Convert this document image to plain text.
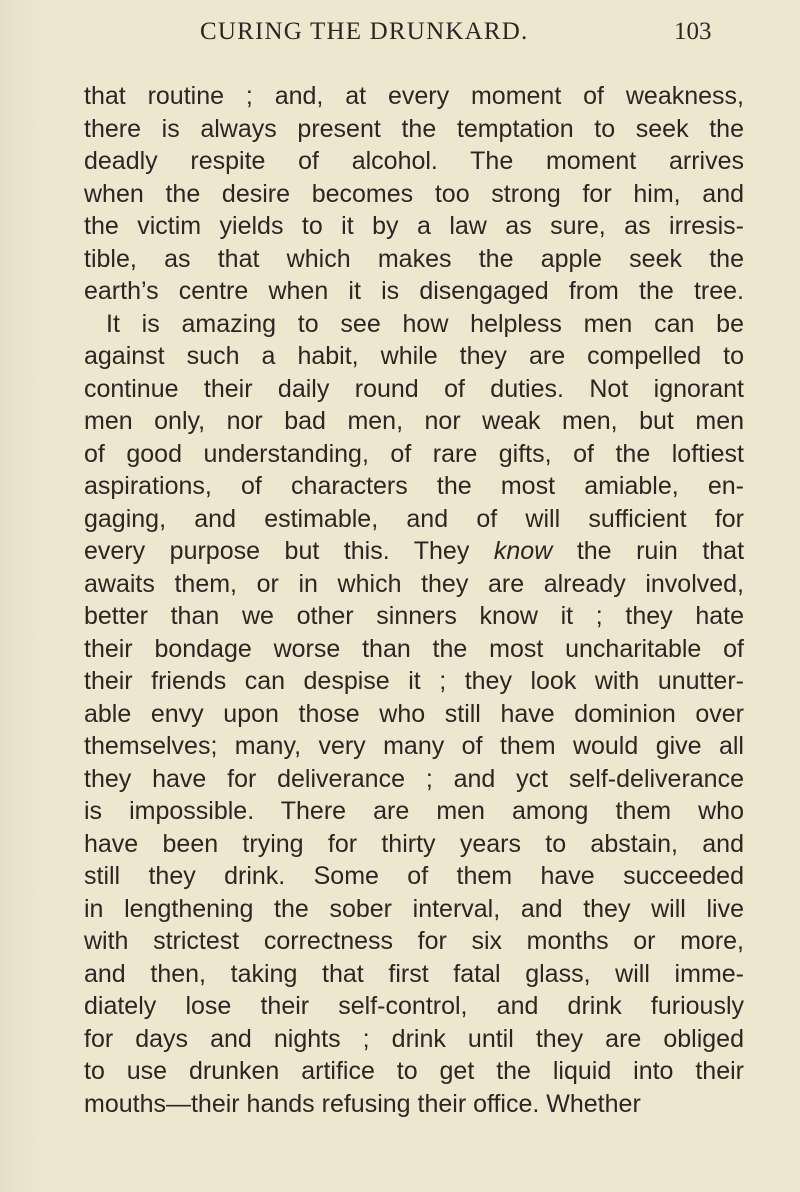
CURING THE DRUNKARD.	103
that routine ; and, at every moment of weakness,
there is always present the temptation to seek the
deadly respite of alcohol. The moment arrives
when the desire becomes too strong for him, and
the victim yields to it by a law as sure, as irresis-
tible, as that which makes the apple seek the
earth’s centre when it is disengaged from the tree.
It is amazing to see how helpless men can be
against such a habit, while they are compelled to
continue their daily round of duties. Not ignorant
men only, nor bad men, nor weak men, but men
of good understanding, of rare gifts, of the loftiest
aspirations, of characters the most amiable, en-
gaging, and estimable, and of will sufficient for
every purpose but this. They know the ruin that
awaits them, or in which they are already involved,
better than we other sinners know it ; they hate
their bondage worse than the most uncharitable of
their friends can despise it ; they look with unutter-
able envy upon those who still have dominion over
themselves; many, very many of them would give all
they have for deliverance ; and yct self-deliverance
is impossible. There are men among them who
have been trying for thirty years to abstain, and
still they drink. Some of them have succeeded
in lengthening the sober interval, and they will live
with strictest correctness for six months or more,
and then, taking that first fatal glass, will imme-
diately lose their self-control, and drink furiously
for days and nights ; drink until they are obliged
to use drunken artifice to get the liquid into their
mouths—their hands refusing their office. Whether
